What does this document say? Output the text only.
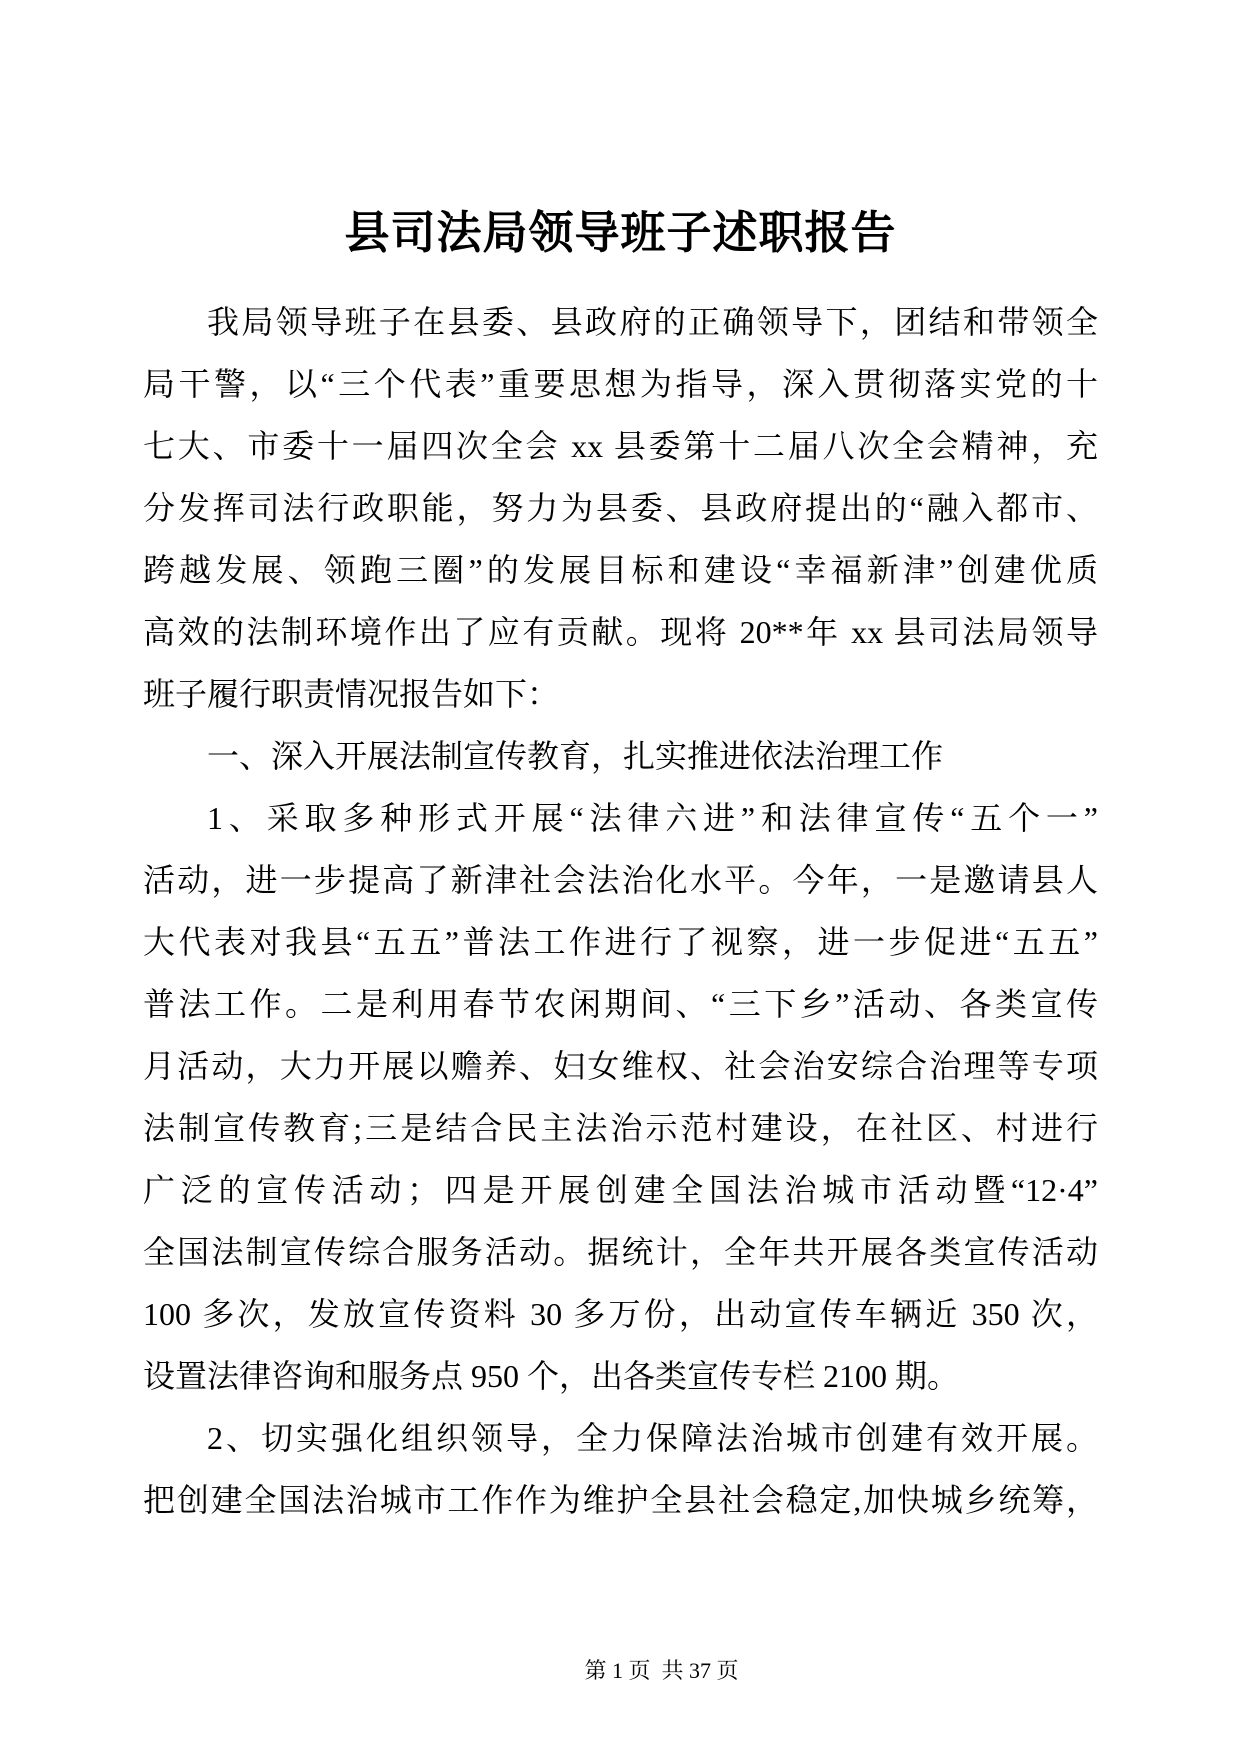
县司法局领导班子述职报告
我局领导班子在县委、县政府的正确领导下，团结和带领全
局干警，以“三个代表”重要思想为指导，深入贯彻落实党的十
七大、市委十一届四次全会 xx 县委第十二届八次全会精神，充
分发挥司法行政职能，努力为县委、县政府提出的“融入都市、
跨越发展、领跑三圈”的发展目标和建设“幸福新津”创建优质
高效的法制环境作出了应有贡献。现将 20**年 xx 县司法局领导
班子履行职责情况报告如下：
一、深入开展法制宣传教育，扎实推进依法治理工作
1、采取多种形式开展“法律六进”和法律宣传“五个一”
活动，进一步提高了新津社会法治化水平。今年，一是邀请县人
大代表对我县“五五”普法工作进行了视察，进一步促进“五五”
普法工作。二是利用春节农闲期间、“三下乡”活动、各类宣传
月活动，大力开展以赡养、妇女维权、社会治安综合治理等专项
法制宣传教育;三是结合民主法治示范村建设，在社区、村进行
广泛的宣传活动；四是开展创建全国法治城市活动暨“12·4”
全国法制宣传综合服务活动。据统计，全年共开展各类宣传活动
100 多次，发放宣传资料 30 多万份，出动宣传车辆近 350 次，
设置法律咨询和服务点 950 个，出各类宣传专栏 2100 期。
2、切实强化组织领导，全力保障法治城市创建有效开展。
把创建全国法治城市工作作为维护全县社会稳定,加快城乡统筹，

第 1 页  共 37 页
